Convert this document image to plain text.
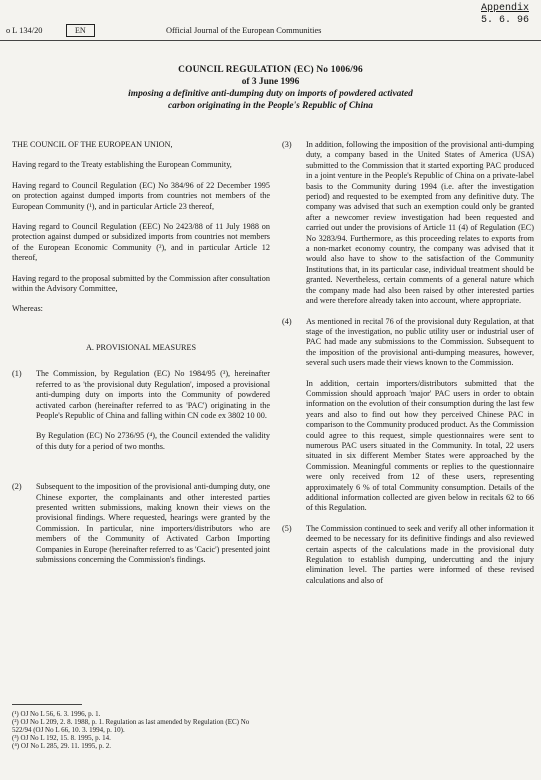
Appendix
5. 6. 96
o L 134/20	EN	Official Journal of the European Communities
COUNCIL REGULATION (EC) No 1006/96
of 3 June 1996
imposing a definitive anti-dumping duty on imports of powdered activated
carbon originating in the People's Republic of China

THE COUNCIL OF THE EUROPEAN UNION,

Having regard to the Treaty establishing the European Community,

Having regard to Council Regulation (EC) No 384/96 of 22 December 1995 on protection against dumped imports from countries not members of the European Community (¹), and in particular Article 23 thereof,

Having regard to Council Regulation (EEC) No 2423/88 of 11 July 1988 on protection against dumped or subsidized imports from countries not members of the European Economic Community (²), and in particular Article 12 thereof,

Having regard to the proposal submitted by the Commission after consultation within the Advisory Committee,

Whereas:

A. PROVISIONAL MEASURES

(1) The Commission, by Regulation (EC) No 1984/95 (³), hereinafter referred to as 'the provisional duty Regulation', imposed a provisional anti-dumping duty on imports into the Community of powdered activated carbon (hereinafter referred to as 'PAC') originating in the People's Republic of China and falling within CN code ex 3802 10 00.

By Regulation (EC) No 2736/95 (⁴), the Council extended the validity of this duty for a period of two months.

(2) Subsequent to the imposition of the provisional anti-dumping duty, one Chinese exporter, the complainants and other interested parties presented written submissions, making known their views on the provisional findings. Where requested, hearings were granted by the Commission. In particular, nine importers/distributors who are members of the Community of Activated Carbon Importing Companies in Europe (hereinafter referred to as 'Cacic') presented joint submissions concerning the Commission's findings.

(¹) OJ No L 56, 6. 3. 1996, p. 1.
(²) OJ No L 209, 2. 8. 1988, p. 1. Regulation as last amended by Regulation (EC) No 522/94 (OJ No L 66, 10. 3. 1994, p. 10).
(³) OJ No L 192, 15. 8. 1995, p. 14.
(⁴) OJ No L 285, 29. 11. 1995, p. 2.
(3) In addition, following the imposition of the provisional anti-dumping duty, a company based in the United States of America (USA) submitted to the Commission that it started exporting PAC produced in a joint venture in the People's Republic of China on a private-label basis to the Community during 1994 (i.e. after the investigation period) and requested to be exempted from any definitive duty. The company was advised that such an exemption could only be granted after a newcomer review investigation had been requested and carried out under the provisions of Article 11 (4) of Regulation (EC) No 3283/94. Furthermore, as this proceeding relates to exports from a non-market economy country, the company was advised that it would also have to show to the satisfaction of the Community Institutions that, in its particular case, individual treatment should be granted. Nevertheless, certain comments of a general nature which the company made had also been raised by other interested parties and were therefore already taken into account, where appropriate.

(4) As mentioned in recital 76 of the provisional duty Regulation, at that stage of the investigation, no public utility user or industrial user of PAC had made any submissions to the Commission. Subsequent to the imposition of the provisional anti-dumping measures, however, several such users made their views known to the Commission.

In addition, certain importers/distributors submitted that the Commission should approach 'major' PAC users in order to obtain information on the evolution of their consumption during the last few years and also to find out how they perceived Chinese PAC in comparison to the Community produced product. As the Commission could agree to this request, simple questionnaires were sent to numerous PAC users situated in the Community. In total, 22 users situated in six different Member States were approached by the Commission. Meaningful comments or replies to the questionnaire were only received from 12 of these users, representing approximately 6 % of total Community consumption. Details of the additional information collected are given below in recitals 62 to 66 of this Regulation.

(5) The Commission continued to seek and verify all other information it deemed to be necessary for its definitive findings and also reviewed certain aspects of the calculations made in the provisional duty Regulation to establish dumping, undercutting and the injury elimination level. The parties were informed of these revised calculations and also of
